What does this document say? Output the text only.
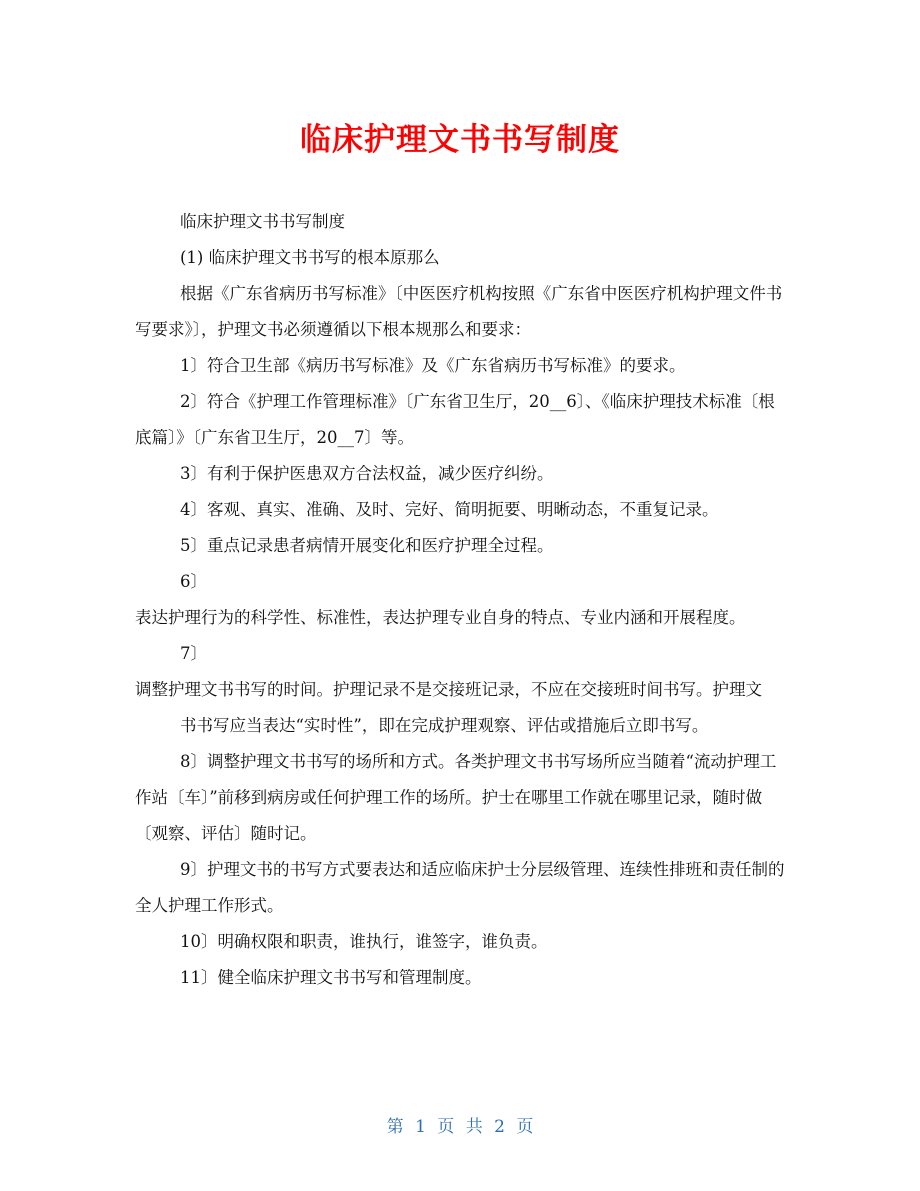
临床护理文书书写制度

临床护理文书书写制度

(1) 临床护理文书书写的根本原那么

根据《广东省病历书写标准》〔中医医疗机构按照《广东省中医医疗机构护理文件书写要求》〕，护理文书必须遵循以下根本规那么和要求：

1〕符合卫生部《病历书写标准》及《广东省病历书写标准》的要求。

2〕符合《护理工作管理标准》〔广东省卫生厅，20__6〕、《临床护理技术标准〔根底篇〕》〔广东省卫生厅，20__7〕等。

3〕有利于保护医患双方合法权益，减少医疗纠纷。

4〕客观、真实、准确、及时、完好、简明扼要、明晰动态，不重复记录。

5〕重点记录患者病情开展变化和医疗护理全过程。

6〕

表达护理行为的科学性、标准性，表达护理专业自身的特点、专业内涵和开展程度。

7〕

调整护理文书书写的时间。护理记录不是交接班记录，不应在交接班时间书写。护理文

书书写应当表达“实时性”，即在完成护理观察、评估或措施后立即书写。

8〕调整护理文书书写的场所和方式。各类护理文书书写场所应当随着“流动护理工作站〔车〕”前移到病房或任何护理工作的场所。护士在哪里工作就在哪里记录，随时做〔观察、评估〕随时记。

9〕护理文书的书写方式要表达和适应临床护士分层级管理、连续性排班和责任制的全人护理工作形式。

10〕明确权限和职责，谁执行，谁签字，谁负责。

11〕健全临床护理文书书写和管理制度。

第 1 页 共 2 页
